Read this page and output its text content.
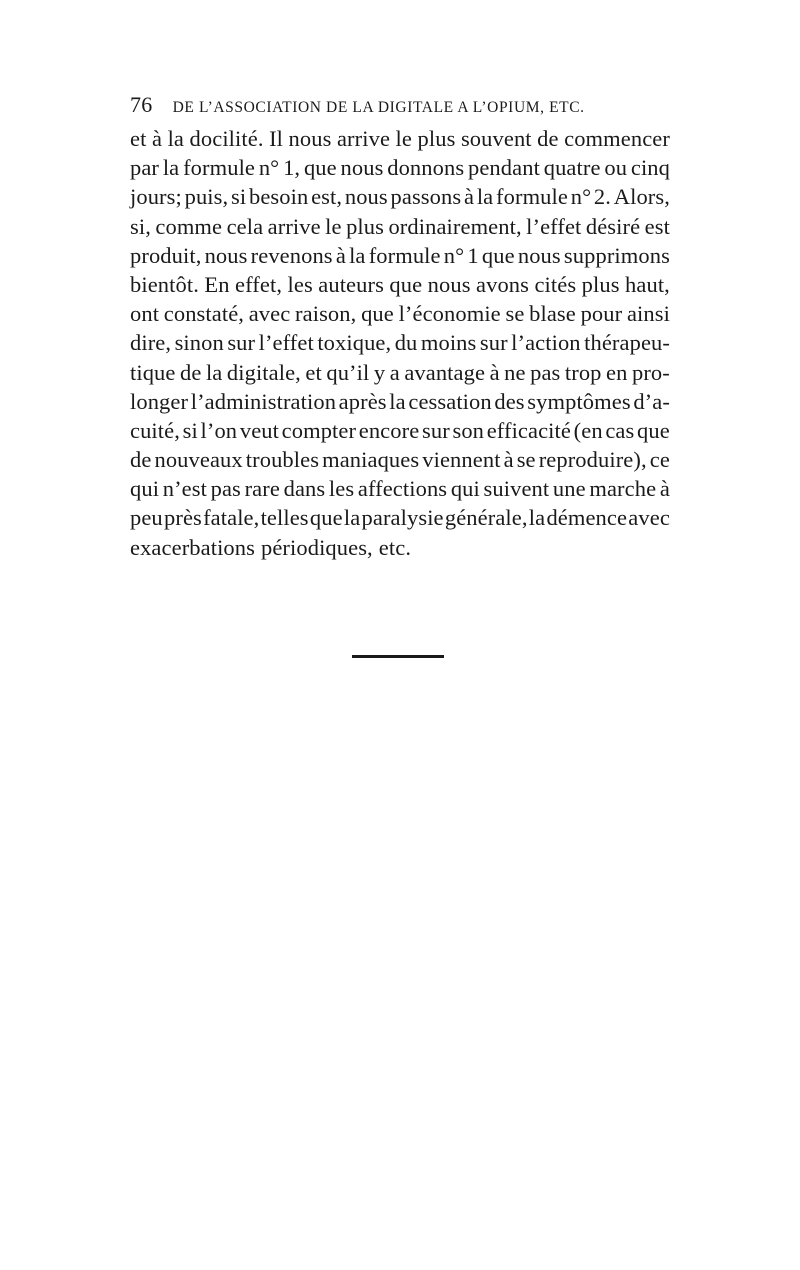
76 DE L’ASSOCIATION DE LA DIGITALE A L’OPIUM, ETC.
et à la docilité. Il nous arrive le plus souvent de commencer
par la formule n° 1, que nous donnons pendant quatre ou cinq
jours; puis, si besoin est, nous passons à la formule n° 2. Alors,
si, comme cela arrive le plus ordinairement, l’effet désiré est
produit, nous revenons à la formule n° 1 que nous supprimons
bientôt. En effet, les auteurs que nous avons cités plus haut,
ont constaté, avec raison, que l’économie se blase pour ainsi
dire, sinon sur l’effet toxique, du moins sur l’action thérapeu-
tique de la digitale, et qu’il y a avantage à ne pas trop en pro-
longer l’administration après la cessation des symptômes d’a-
cuité, si l’on veut compter encore sur son efficacité (en cas que
de nouveaux troubles maniaques viennent à se reproduire), ce
qui n’est pas rare dans les affections qui suivent une marche à
peu près fatale, telles que la paralysie générale, la démence avec
exacerbations périodiques, etc.
